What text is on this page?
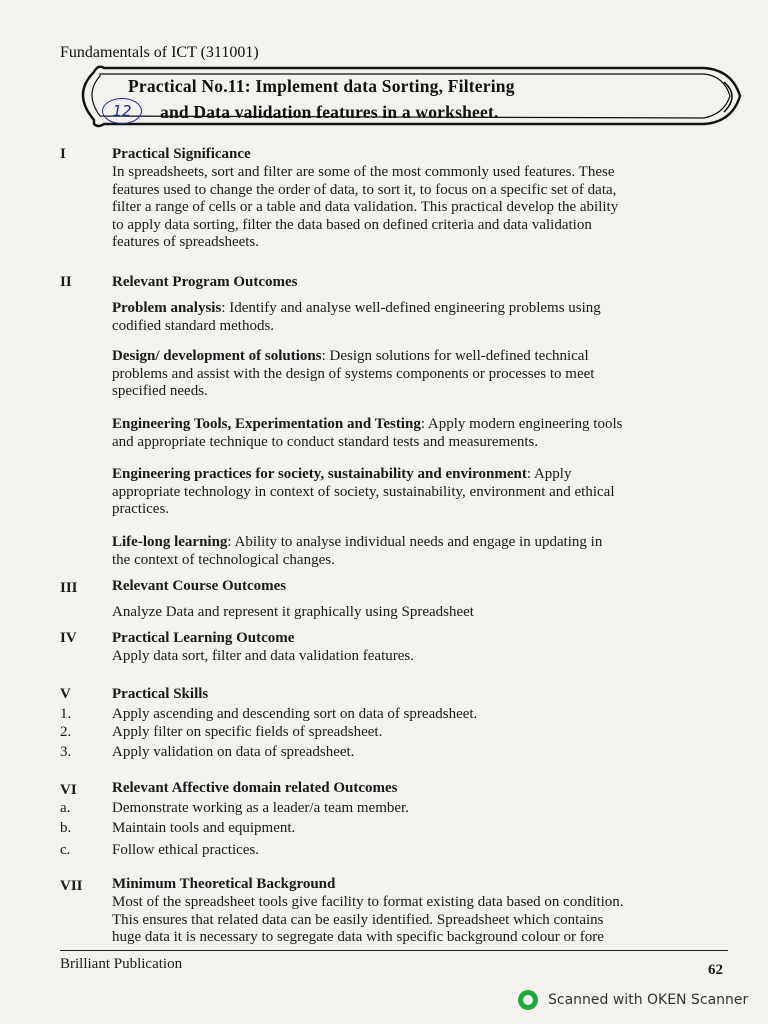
Fundamentals of ICT (311001)
Practical No.11: Implement data Sorting, Filtering
and Data validation features in a worksheet.
12
I	Practical Significance
In spreadsheets, sort and filter are some of the most commonly used features. These
features used to change the order of data, to sort it, to focus on a specific set of data,
filter a range of cells or a table and data validation. This practical develop the ability
to apply data sorting, filter the data based on defined criteria and data validation
features of spreadsheets.
II	Relevant Program Outcomes
Problem analysis: Identify and analyse well-defined engineering problems using
codified standard methods.
Design/ development of solutions: Design solutions for well-defined technical
problems and assist with the design of systems components or processes to meet
specified needs.
Engineering Tools, Experimentation and Testing: Apply modern engineering tools
and appropriate technique to conduct standard tests and measurements.
Engineering practices for society, sustainability and environment: Apply
appropriate technology in context of society, sustainability, environment and ethical
practices.
Life-long learning: Ability to analyse individual needs and engage in updating in
the context of technological changes.
III Relevant Course Outcomes
Analyze Data and represent it graphically using Spreadsheet
IV Practical Learning Outcome
Apply data sort, filter and data validation features.
V	Practical Skills
1.	Apply ascending and descending sort on data of spreadsheet.
2.	Apply filter on specific fields of spreadsheet.
3.	Apply validation on data of spreadsheet.
VI Relevant Affective domain related Outcomes
a.	Demonstrate working as a leader/a team member.
b.	Maintain tools and equipment.
c.	Follow ethical practices.
VII Minimum Theoretical Background
Most of the spreadsheet tools give facility to format existing data based on condition.
This ensures that related data can be easily identified. Spreadsheet which contains
huge data it is necessary to segregate data with specific background colour or fore
Brilliant Publication	62
Scanned with OKEN Scanner
